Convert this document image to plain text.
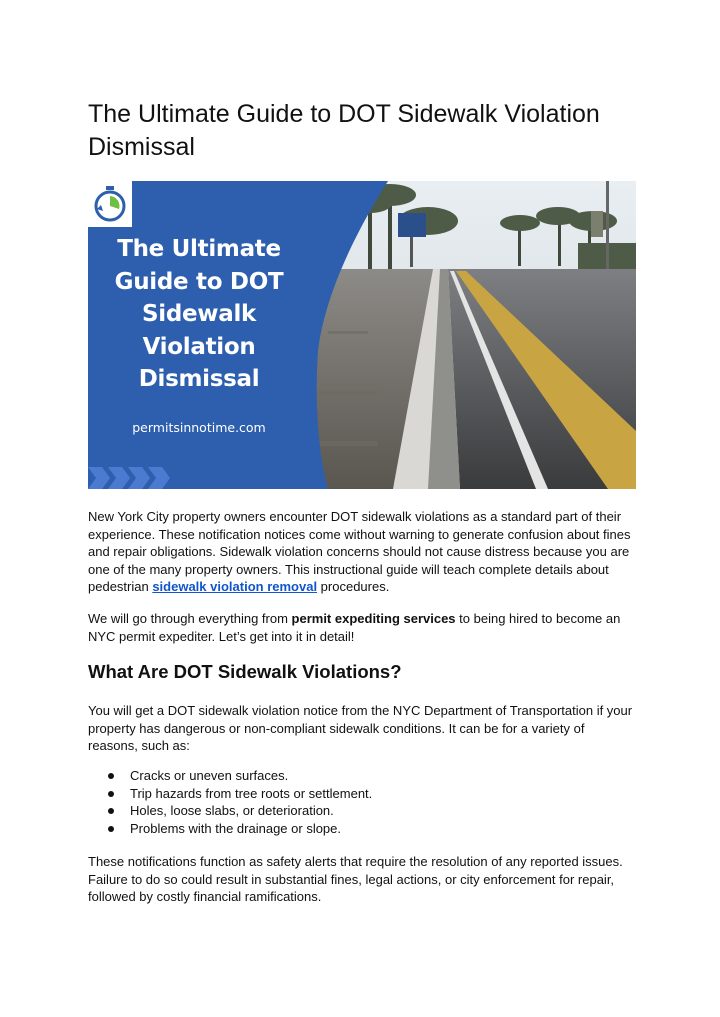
The Ultimate Guide to DOT Sidewalk Violation Dismissal
The Ultimate
Guide to DOT
Sidewalk
Violation
Dismissal
permitsinnotime.com

New York City property owners encounter DOT sidewalk violations as a standard part of their experience. These notification notices come without warning to generate confusion about fines and repair obligations. Sidewalk violation concerns should not cause distress because you are one of the many property owners. This instructional guide will teach complete details about pedestrian sidewalk violation removal procedures.

We will go through everything from permit expediting services to being hired to become an NYC permit expediter. Let’s get into it in detail!

What Are DOT Sidewalk Violations?

You will get a DOT sidewalk violation notice from the NYC Department of Transportation if your property has dangerous or non-compliant sidewalk conditions. It can be for a variety of reasons, such as:

Cracks or uneven surfaces.
Trip hazards from tree roots or settlement.
Holes, loose slabs, or deterioration.
Problems with the drainage or slope.

These notifications function as safety alerts that require the resolution of any reported issues. Failure to do so could result in substantial fines, legal actions, or city enforcement for repair, followed by costly financial ramifications.
